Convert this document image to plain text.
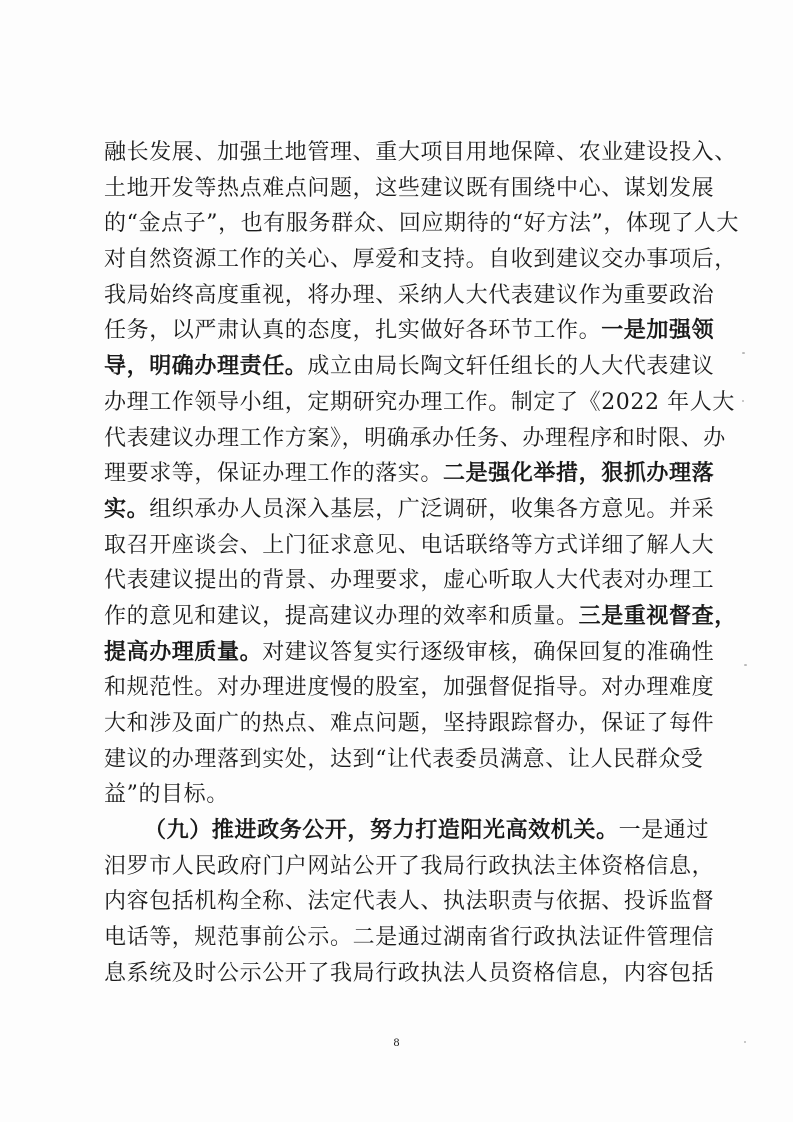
融长发展、加强土地管理、重大项目用地保障、农业建设投入、
土地开发等热点难点问题，这些建议既有围绕中心、谋划发展
的“金点子”，也有服务群众、回应期待的“好方法”，体现了人大
对自然资源工作的关心、厚爱和支持。自收到建议交办事项后，
我局始终高度重视，将办理、采纳人大代表建议作为重要政治
任务，以严肃认真的态度，扎实做好各环节工作。一是加强领
导，明确办理责任。成立由局长陶文轩任组长的人大代表建议
办理工作领导小组，定期研究办理工作。制定了《2022 年人大
代表建议办理工作方案》，明确承办任务、办理程序和时限、办
理要求等，保证办理工作的落实。二是强化举措，狠抓办理落
实。组织承办人员深入基层，广泛调研，收集各方意见。并采
取召开座谈会、上门征求意见、电话联络等方式详细了解人大
代表建议提出的背景、办理要求，虚心听取人大代表对办理工
作的意见和建议，提高建议办理的效率和质量。三是重视督查，
提高办理质量。对建议答复实行逐级审核，确保回复的准确性
和规范性。对办理进度慢的股室，加强督促指导。对办理难度
大和涉及面广的热点、难点问题，坚持跟踪督办，保证了每件
建议的办理落到实处，达到“让代表委员满意、让人民群众受
益”的目标。
（九）推进政务公开，努力打造阳光高效机关。一是通过
汨罗市人民政府门户网站公开了我局行政执法主体资格信息，
内容包括机构全称、法定代表人、执法职责与依据、投诉监督
电话等，规范事前公示。二是通过湖南省行政执法证件管理信
息系统及时公示公开了我局行政执法人员资格信息，内容包括
8
